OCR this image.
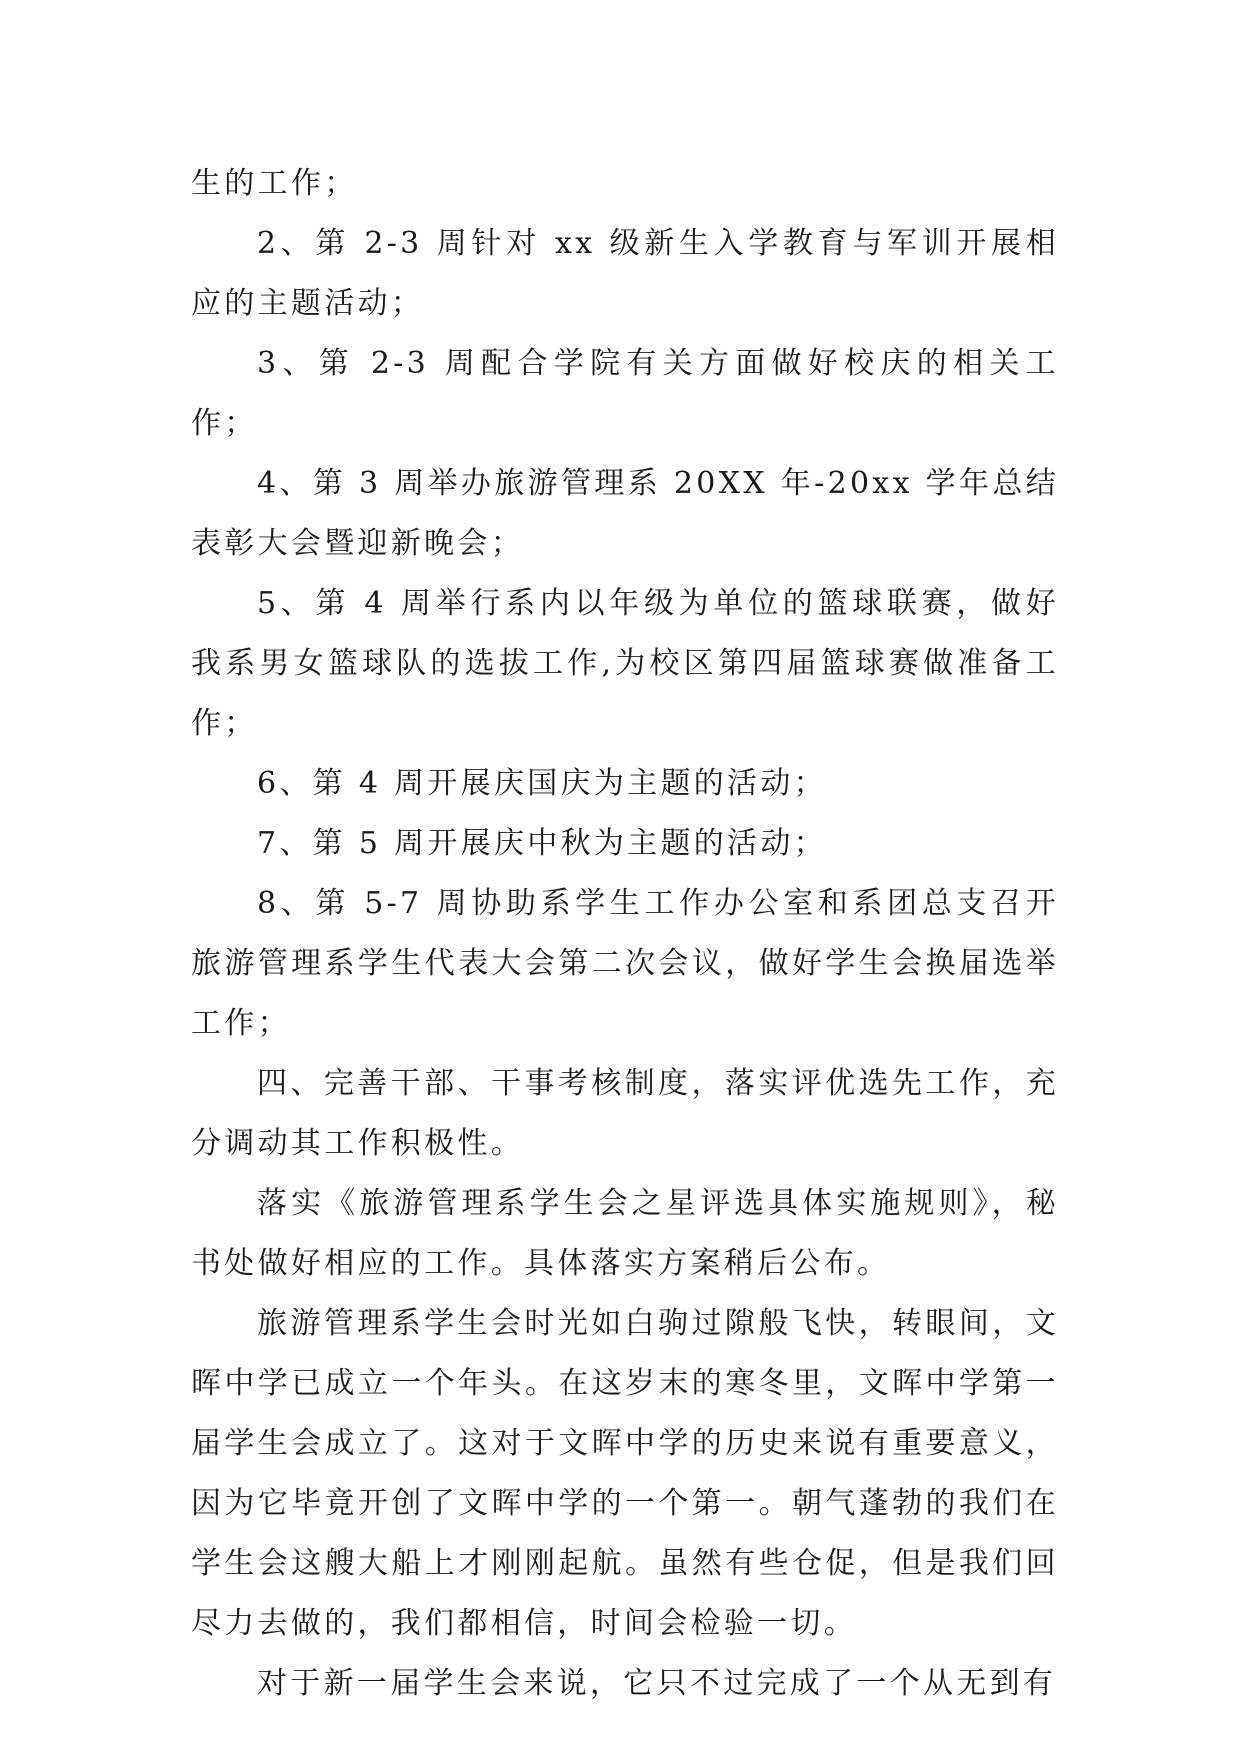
生的工作；

2、第 2-3 周针对 xx 级新生入学教育与军训开展相应的主题活动；

3、第 2-3 周配合学院有关方面做好校庆的相关工作；

4、第 3 周举办旅游管理系 20XX 年-20xx 学年总结表彰大会暨迎新晚会；

5、第 4 周举行系内以年级为单位的篮球联赛，做好我系男女篮球队的选拔工作,为校区第四届篮球赛做准备工作；

6、第 4 周开展庆国庆为主题的活动；

7、第 5 周开展庆中秋为主题的活动；

8、第 5-7 周协助系学生工作办公室和系团总支召开旅游管理系学生代表大会第二次会议，做好学生会换届选举工作；

四、完善干部、干事考核制度，落实评优选先工作，充分调动其工作积极性。

落实《旅游管理系学生会之星评选具体实施规则》，秘书处做好相应的工作。具体落实方案稍后公布。

旅游管理系学生会时光如白驹过隙般飞快，转眼间，文晖中学已成立一个年头。在这岁末的寒冬里，文晖中学第一届学生会成立了。这对于文晖中学的历史来说有重要意义，因为它毕竟开创了文晖中学的一个第一。朝气蓬勃的我们在学生会这艘大船上才刚刚起航。虽然有些仓促，但是我们回尽力去做的，我们都相信，时间会检验一切。

对于新一届学生会来说，它只不过完成了一个从无到有
